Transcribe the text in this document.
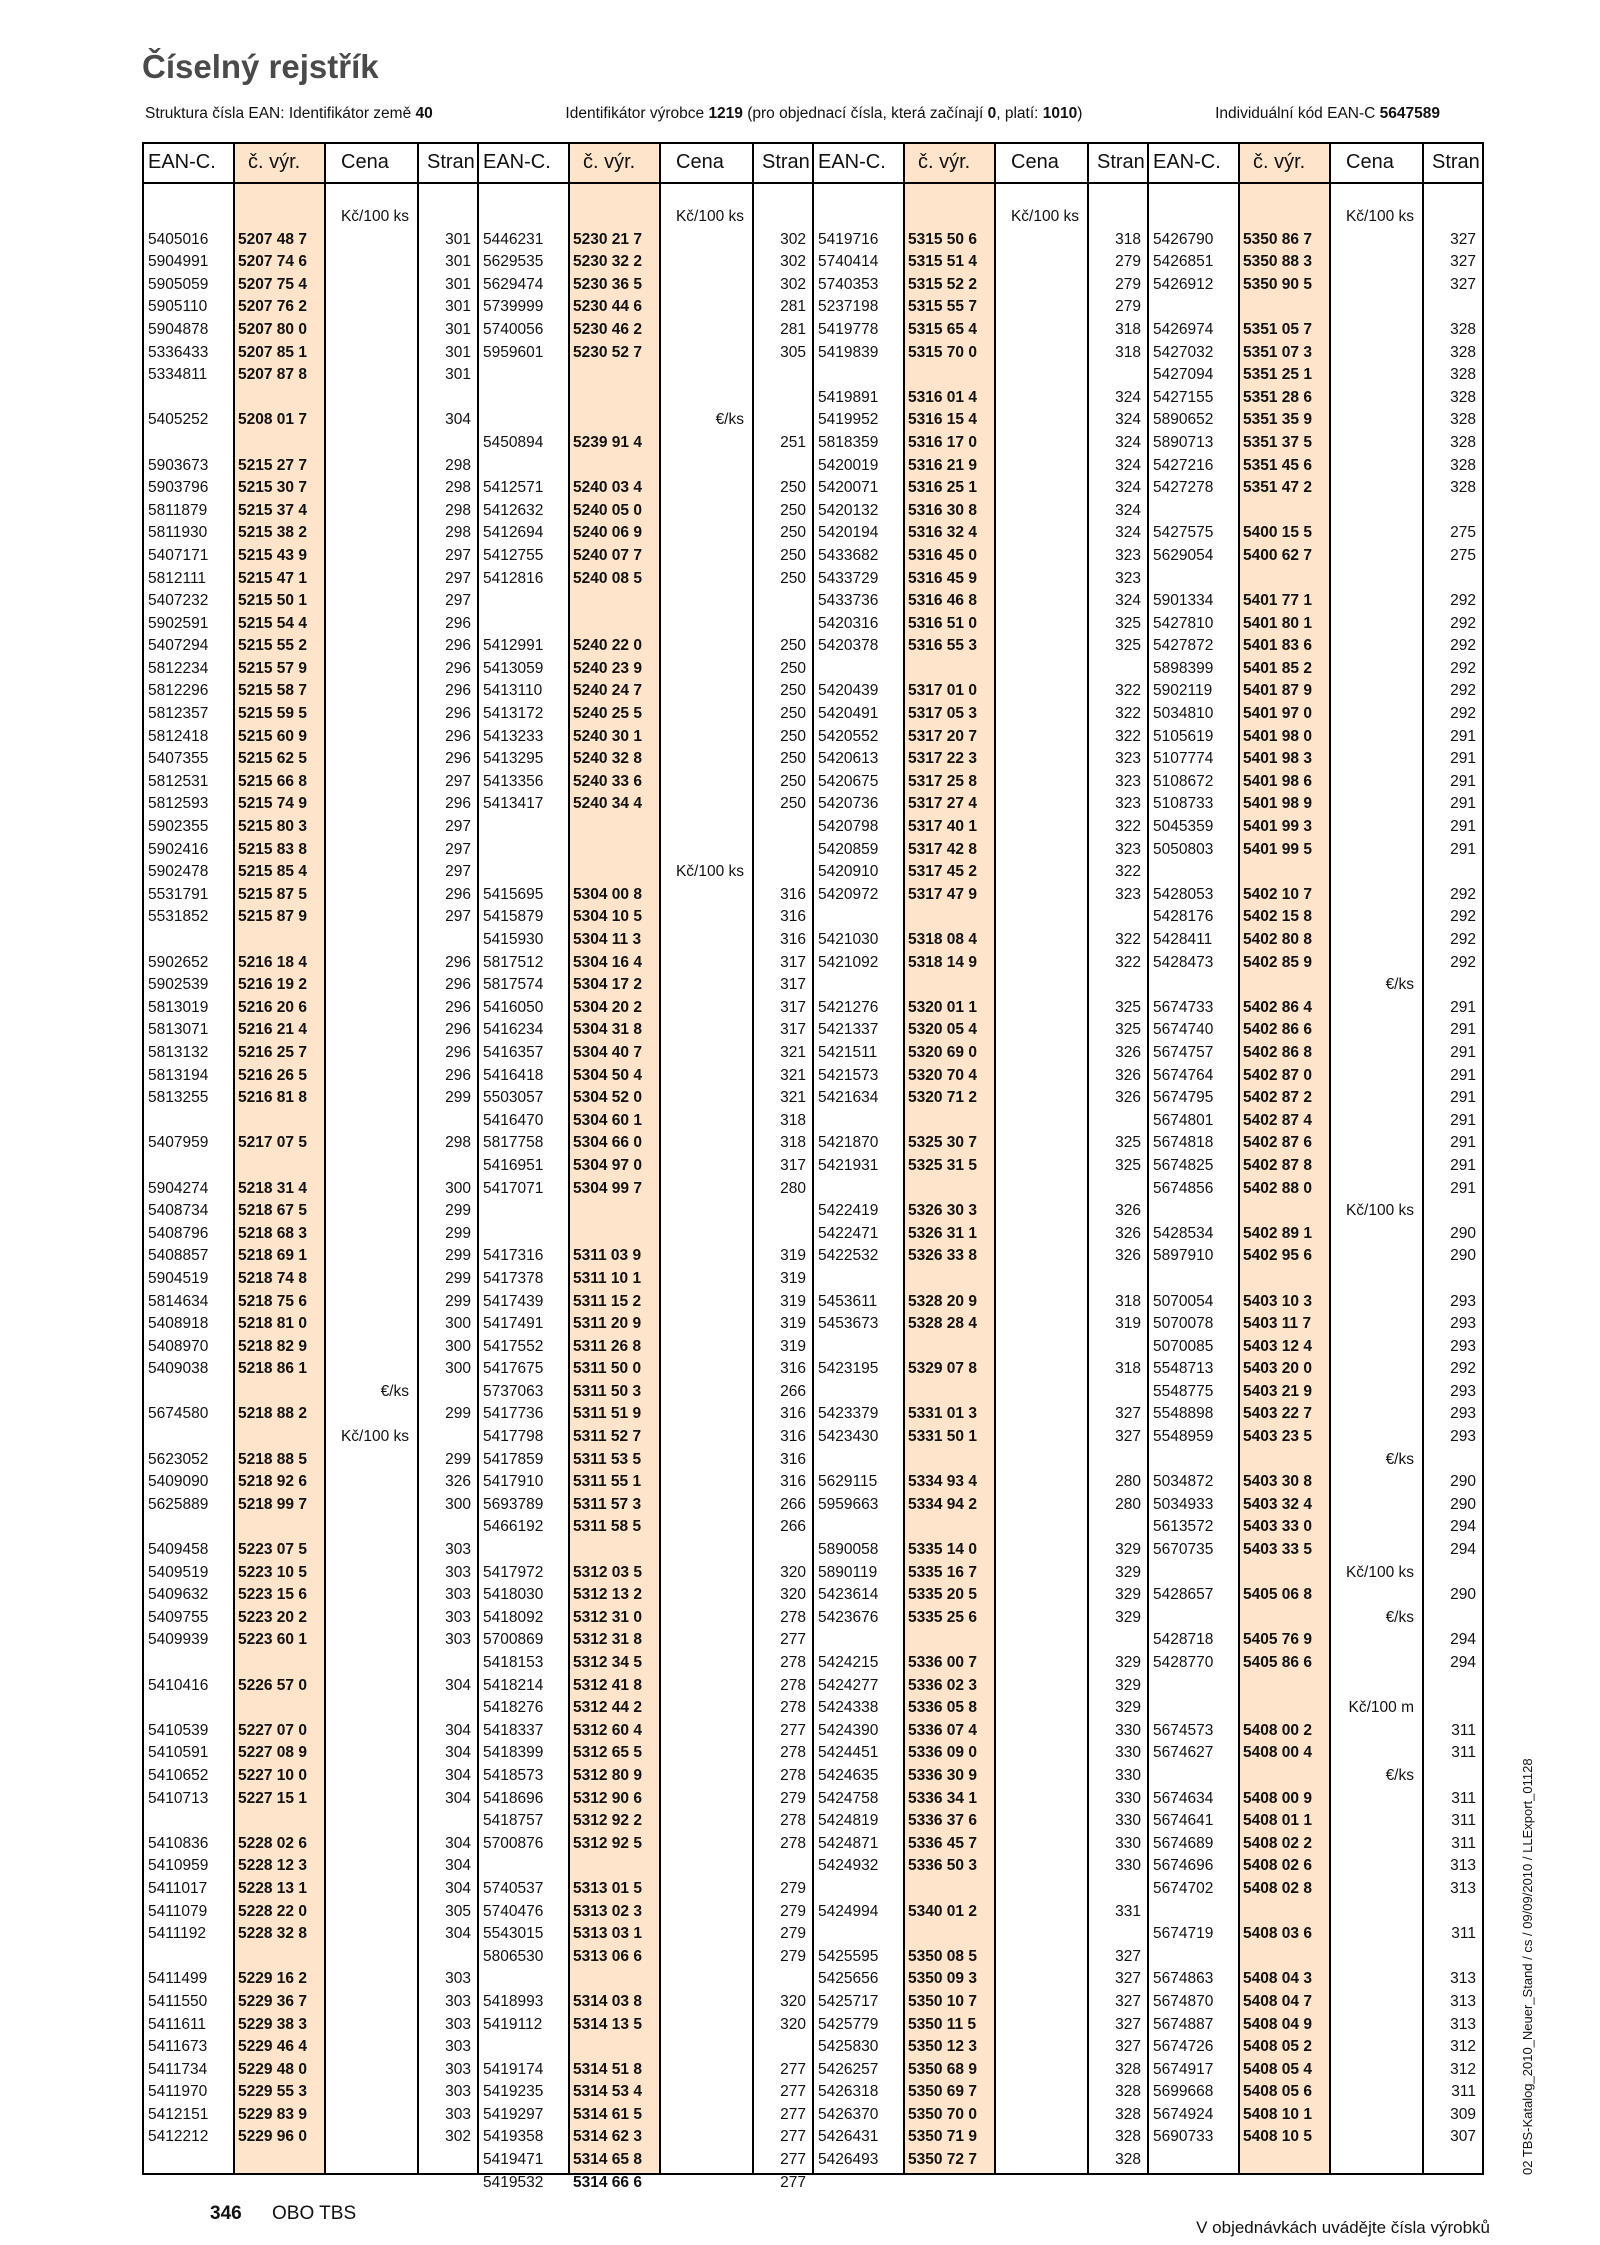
Číselný rejstřík
Struktura čísla EAN: Identifikátor země 40	Identifikátor výrobce 1219 (pro objednací čísla, která začínají 0, platí: 1010)	Individuální kód EAN-C 5647589
EAN-C. č. výr. Cena Stran
Kč/100 ks
5405016 5207 48 7	301
5904991 5207 74 6	301
5905059 5207 75 4	301
5905110 5207 76 2	301
5904878 5207 80 0	301
5336433 5207 85 1	301
5334811 5207 87 8	301
5405252 5208 01 7	304
5903673 5215 27 7	298
5903796 5215 30 7	298
5811879 5215 37 4	298
5811930 5215 38 2	298
5407171 5215 43 9	297
5812111 5215 47 1	297
5407232 5215 50 1	297
5902591 5215 54 4	296
5407294 5215 55 2	296
5812234 5215 57 9	296
5812296 5215 58 7	296
5812357 5215 59 5	296
5812418 5215 60 9	296
5407355 5215 62 5	296
5812531 5215 66 8	297
5812593 5215 74 9	296
5902355 5215 80 3	297
5902416 5215 83 8	297
5902478 5215 85 4	297
5531791 5215 87 5	296
5531852 5215 87 9	297
5902652 5216 18 4	296
5902539 5216 19 2	296
5813019 5216 20 6	296
5813071 5216 21 4	296
5813132 5216 25 7	296
5813194 5216 26 5	296
5813255 5216 81 8	299
5407959 5217 07 5	298
5904274 5218 31 4	300
5408734 5218 67 5	299
5408796 5218 68 3	299
5408857 5218 69 1	299
5904519 5218 74 8	299
5814634 5218 75 6	299
5408918 5218 81 0	300
5408970 5218 82 9	300
5409038 5218 86 1	300
€/ks
5674580 5218 88 2	299
Kč/100 ks
5623052 5218 88 5	299
5409090 5218 92 6	326
5625889 5218 99 7	300
5409458 5223 07 5	303
5409519 5223 10 5	303
5409632 5223 15 6	303
5409755 5223 20 2	303
5409939 5223 60 1	303
5410416 5226 57 0	304
5410539 5227 07 0	304
5410591 5227 08 9	304
5410652 5227 10 0	304
5410713 5227 15 1	304
5410836 5228 02 6	304
5410959 5228 12 3	304
5411017 5228 13 1	304
5411079 5228 22 0	305
5411192 5228 32 8	304
5411499 5229 16 2	303
5411550 5229 36 7	303
5411611 5229 38 3	303
5411673 5229 46 4	303
5411734 5229 48 0	303
5411970 5229 55 3	303
5412151 5229 83 9	303
5412212 5229 96 0	302
EAN-C. č. výr. Cena Stran
Kč/100 ks
5446231 5230 21 7	302
5629535 5230 32 2	302
5629474 5230 36 5	302
5739999 5230 44 6	281
5740056 5230 46 2	281
5959601 5230 52 7	305
€/ks
5450894 5239 91 4	251
5412571 5240 03 4	250
5412632 5240 05 0	250
5412694 5240 06 9	250
5412755 5240 07 7	250
5412816 5240 08 5	250
5412991 5240 22 0	250
5413059 5240 23 9	250
5413110 5240 24 7	250
5413172 5240 25 5	250
5413233 5240 30 1	250
5413295 5240 32 8	250
5413356 5240 33 6	250
5413417 5240 34 4	250
Kč/100 ks
5415695 5304 00 8	316
5415879 5304 10 5	316
5415930 5304 11 3	316
5817512 5304 16 4	317
5817574 5304 17 2	317
5416050 5304 20 2	317
5416234 5304 31 8	317
5416357 5304 40 7	321
5416418 5304 50 4	321
5503057 5304 52 0	321
5416470 5304 60 1	318
5817758 5304 66 0	318
5416951 5304 97 0	317
5417071 5304 99 7	280
5417316 5311 03 9	319
5417378 5311 10 1	319
5417439 5311 15 2	319
5417491 5311 20 9	319
5417552 5311 26 8	319
5417675 5311 50 0	316
5737063 5311 50 3	266
5417736 5311 51 9	316
5417798 5311 52 7	316
5417859 5311 53 5	316
5417910 5311 55 1	316
5693789 5311 57 3	266
5466192 5311 58 5	266
5417972 5312 03 5	320
5418030 5312 13 2	320
5418092 5312 31 0	278
5700869 5312 31 8	277
5418153 5312 34 5	278
5418214 5312 41 8	278
5418276 5312 44 2	278
5418337 5312 60 4	277
5418399 5312 65 5	278
5418573 5312 80 9	278
5418696 5312 90 6	279
5418757 5312 92 2	278
5700876 5312 92 5	278
5740537 5313 01 5	279
5740476 5313 02 3	279
5543015 5313 03 1	279
5806530 5313 06 6	279
5418993 5314 03 8	320
5419112 5314 13 5	320
5419174 5314 51 8	277
5419235 5314 53 4	277
5419297 5314 61 5	277
5419358 5314 62 3	277
5419471 5314 65 8	277
5419532 5314 66 6	277
EAN-C. č. výr. Cena Stran
Kč/100 ks
5419716 5315 50 6	318
5740414 5315 51 4	279
5740353 5315 52 2	279
5237198 5315 55 7	279
5419778 5315 65 4	318
5419839 5315 70 0	318
5419891 5316 01 4	324
5419952 5316 15 4	324
5818359 5316 17 0	324
5420019 5316 21 9	324
5420071 5316 25 1	324
5420132 5316 30 8	324
5420194 5316 32 4	324
5433682 5316 45 0	323
5433729 5316 45 9	323
5433736 5316 46 8	324
5420316 5316 51 0	325
5420378 5316 55 3	325
5420439 5317 01 0	322
5420491 5317 05 3	322
5420552 5317 20 7	322
5420613 5317 22 3	323
5420675 5317 25 8	323
5420736 5317 27 4	323
5420798 5317 40 1	322
5420859 5317 42 8	323
5420910 5317 45 2	322
5420972 5317 47 9	323
5421030 5318 08 4	322
5421092 5318 14 9	322
5421276 5320 01 1	325
5421337 5320 05 4	325
5421511 5320 69 0	326
5421573 5320 70 4	326
5421634 5320 71 2	326
5421870 5325 30 7	325
5421931 5325 31 5	325
5422419 5326 30 3	326
5422471 5326 31 1	326
5422532 5326 33 8	326
5453611 5328 20 9	318
5453673 5328 28 4	319
5423195 5329 07 8	318
5423379 5331 01 3	327
5423430 5331 50 1	327
5629115 5334 93 4	280
5959663 5334 94 2	280
5890058 5335 14 0	329
5890119 5335 16 7	329
5423614 5335 20 5	329
5423676 5335 25 6	329
5424215 5336 00 7	329
5424277 5336 02 3	329
5424338 5336 05 8	329
5424390 5336 07 4	330
5424451 5336 09 0	330
5424635 5336 30 9	330
5424758 5336 34 1	330
5424819 5336 37 6	330
5424871 5336 45 7	330
5424932 5336 50 3	330
5424994 5340 01 2	331
5425595 5350 08 5	327
5425656 5350 09 3	327
5425717 5350 10 7	327
5425779 5350 11 5	327
5425830 5350 12 3	327
5426257 5350 68 9	328
5426318 5350 69 7	328
5426370 5350 70 0	328
5426431 5350 71 9	328
5426493 5350 72 7	328
EAN-C. č. výr. Cena Stran
Kč/100 ks
5426790 5350 86 7	327
5426851 5350 88 3	327
5426912 5350 90 5	327
5426974 5351 05 7	328
5427032 5351 07 3	328
5427094 5351 25 1	328
5427155 5351 28 6	328
5890652 5351 35 9	328
5890713 5351 37 5	328
5427216 5351 45 6	328
5427278 5351 47 2	328
5427575 5400 15 5	275
5629054 5400 62 7	275
5901334 5401 77 1	292
5427810 5401 80 1	292
5427872 5401 83 6	292
5898399 5401 85 2	292
5902119 5401 87 9	292
5034810 5401 97 0	292
5105619 5401 98 0	291
5107774 5401 98 3	291
5108672 5401 98 6	291
5108733 5401 98 9	291
5045359 5401 99 3	291
5050803 5401 99 5	291
5428053 5402 10 7	292
5428176 5402 15 8	292
5428411 5402 80 8	292
5428473 5402 85 9	292
€/ks
5674733 5402 86 4	291
5674740 5402 86 6	291
5674757 5402 86 8	291
5674764 5402 87 0	291
5674795 5402 87 2	291
5674801 5402 87 4	291
5674818 5402 87 6	291
5674825 5402 87 8	291
5674856 5402 88 0	291
Kč/100 ks
5428534 5402 89 1	290
5897910 5402 95 6	290
5070054 5403 10 3	293
5070078 5403 11 7	293
5070085 5403 12 4	293
5548713 5403 20 0	292
5548775 5403 21 9	293
5548898 5403 22 7	293
5548959 5403 23 5	293
€/ks
5034872 5403 30 8	290
5034933 5403 32 4	290
5613572 5403 33 0	294
5670735 5403 33 5	294
Kč/100 ks
5428657 5405 06 8	290
€/ks
5428718 5405 76 9	294
5428770 5405 86 6	294
Kč/100 m
5674573 5408 00 2	311
5674627 5408 00 4	311
€/ks
5674634 5408 00 9	311
5674641 5408 01 1	311
5674689 5408 02 2	311
5674696 5408 02 6	313
5674702 5408 02 8	313
5674719 5408 03 6	311
5674863 5408 04 3	313
5674870 5408 04 7	313
5674887 5408 04 9	313
5674726 5408 05 2	312
5674917 5408 05 4	312
5699668 5408 05 6	311
5674924 5408 10 1	309
5690733 5408 10 5	307
346 OBO TBS
V objednávkách uvádějte čísla výrobků
02 TBS-Katalog_2010_Neuer_Stand / cs / 09/09/2010 / LLExport_01128
